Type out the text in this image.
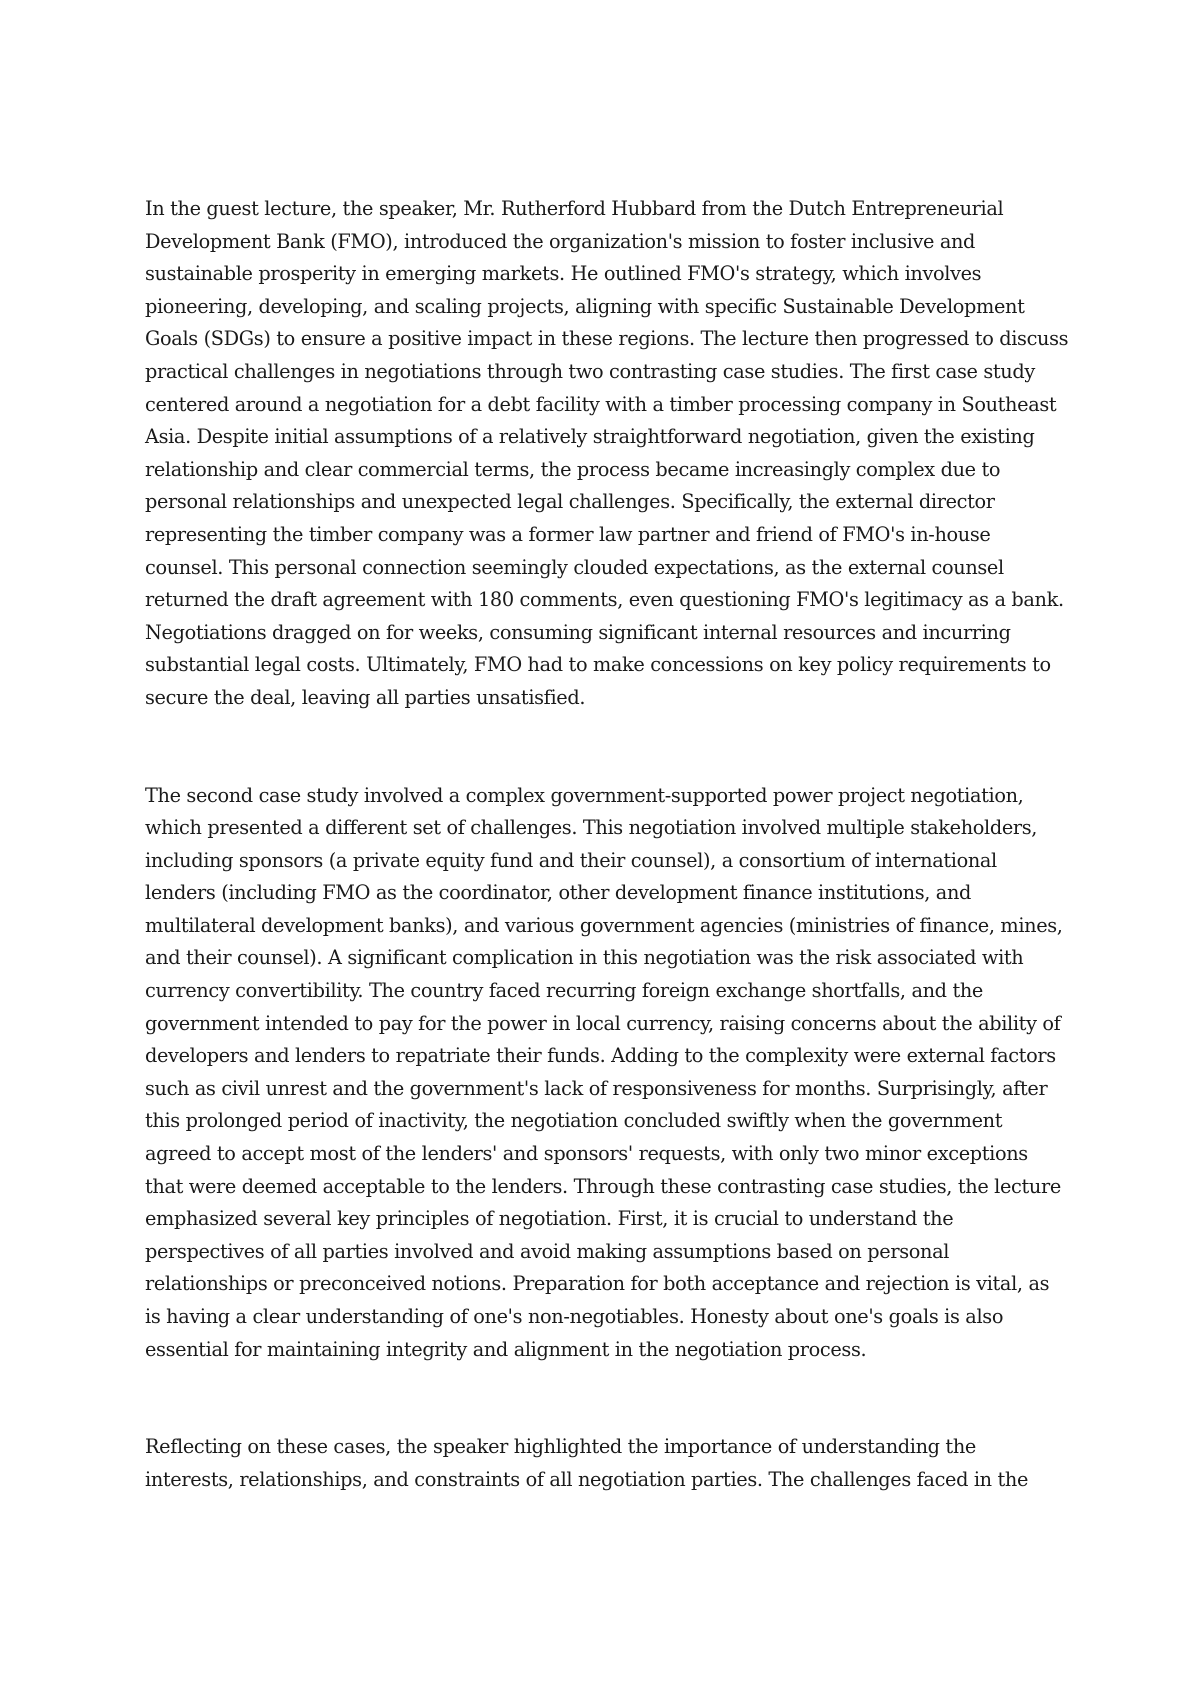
In the guest lecture, the speaker, Mr. Rutherford Hubbard from the Dutch Entrepreneurial Development Bank (FMO), introduced the organization's mission to foster inclusive and sustainable prosperity in emerging markets. He outlined FMO's strategy, which involves pioneering, developing, and scaling projects, aligning with specific Sustainable Development Goals (SDGs) to ensure a positive impact in these regions. The lecture then progressed to discuss practical challenges in negotiations through two contrasting case studies. The first case study centered around a negotiation for a debt facility with a timber processing company in Southeast Asia. Despite initial assumptions of a relatively straightforward negotiation, given the existing relationship and clear commercial terms, the process became increasingly complex due to personal relationships and unexpected legal challenges. Specifically, the external director representing the timber company was a former law partner and friend of FMO's in-house counsel. This personal connection seemingly clouded expectations, as the external counsel returned the draft agreement with 180 comments, even questioning FMO's legitimacy as a bank. Negotiations dragged on for weeks, consuming significant internal resources and incurring substantial legal costs. Ultimately, FMO had to make concessions on key policy requirements to secure the deal, leaving all parties unsatisfied.

The second case study involved a complex government-supported power project negotiation, which presented a different set of challenges. This negotiation involved multiple stakeholders, including sponsors (a private equity fund and their counsel), a consortium of international lenders (including FMO as the coordinator, other development finance institutions, and multilateral development banks), and various government agencies (ministries of finance, mines, and their counsel). A significant complication in this negotiation was the risk associated with currency convertibility. The country faced recurring foreign exchange shortfalls, and the government intended to pay for the power in local currency, raising concerns about the ability of developers and lenders to repatriate their funds. Adding to the complexity were external factors such as civil unrest and the government's lack of responsiveness for months. Surprisingly, after this prolonged period of inactivity, the negotiation concluded swiftly when the government agreed to accept most of the lenders' and sponsors' requests, with only two minor exceptions that were deemed acceptable to the lenders. Through these contrasting case studies, the lecture emphasized several key principles of negotiation. First, it is crucial to understand the perspectives of all parties involved and avoid making assumptions based on personal relationships or preconceived notions. Preparation for both acceptance and rejection is vital, as is having a clear understanding of one's non-negotiables. Honesty about one's goals is also essential for maintaining integrity and alignment in the negotiation process.

Reflecting on these cases, the speaker highlighted the importance of understanding the interests, relationships, and constraints of all negotiation parties. The challenges faced in the
